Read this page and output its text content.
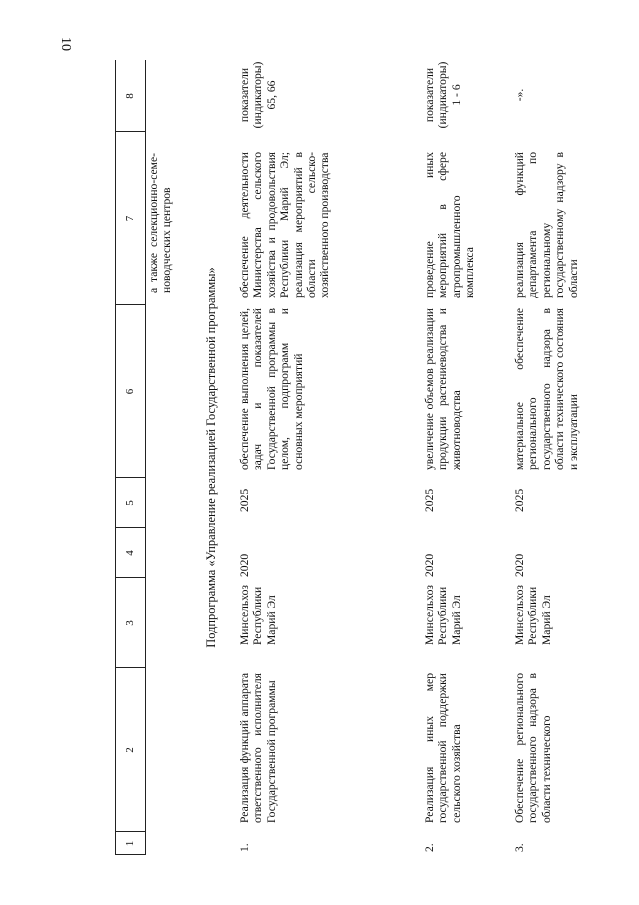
10
1
2
3
4
5
6
7
8
а также селекционно-семе-новодческих центров
Подпрограмма «Управление реализацией Государственной программы»
1.
Реализация функций аппарата ответственного исполнителя Государственной программы
Минсельхоз Республики Марий Эл
2020
2025
обеспечение выполнения целей, задач и показателей Государственной программы в целом, подпрограмм и основных мероприятий
обеспечение деятельности Министерства сельского хозяйства и продовольствия Республики Марий Эл; реализация мероприятий в области сельско-хозяйственного производства
показатели (индикаторы) 65, 66
2.
Реализация иных мер государственной поддержки сельского хозяйства
Минсельхоз Республики Марий Эл
2020
2025
увеличение объемов реализации продукции растениеводства и животноводства
проведение иных мероприятий в сфере агропромышленного комплекса
показатели (индикаторы) 1 - 6
3.
Обеспечение регионального государственного надзора в области технического
Минсельхоз Республики Марий Эл
2020
2025
материальное обеспечение регионального государственного надзора в области технического состояния и эксплуатации
реализация функций департамента по региональному государственному надзору в области
-».
